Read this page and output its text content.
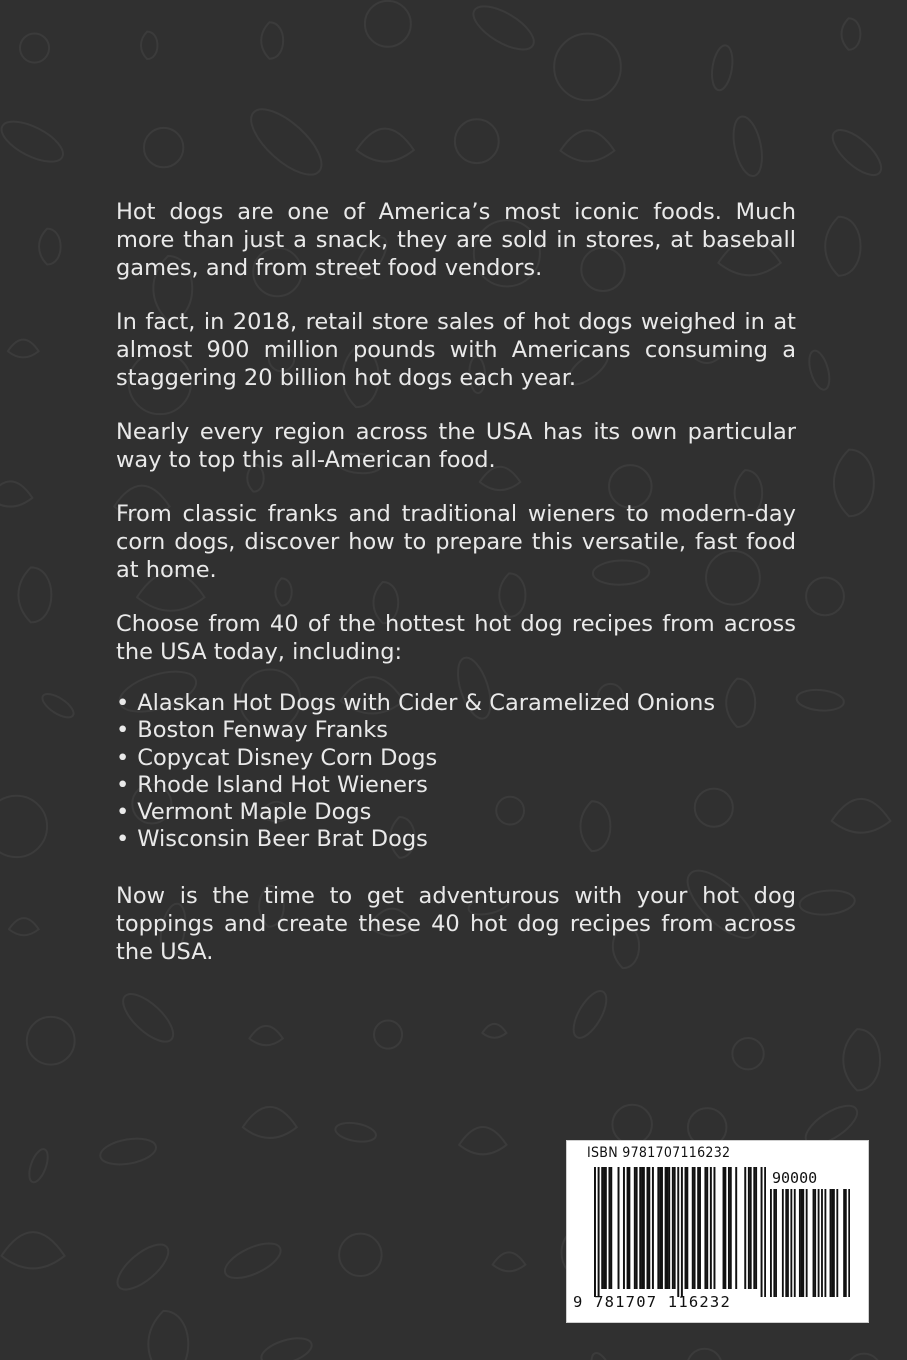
Hot dogs are one of America’s most iconic foods. Much more than just a snack, they are sold in stores, at baseball games, and from street food vendors.

In fact, in 2018, retail store sales of hot dogs weighed in at almost 900 million pounds with Americans consuming a staggering 20 billion hot dogs each year.

Nearly every region across the USA has its own particular way to top this all-American food.

From classic franks and traditional wieners to modern-day corn dogs, discover how to prepare this versatile, fast food at home.

Choose from 40 of the hottest hot dog recipes from across the USA today, including:

• Alaskan Hot Dogs with Cider & Caramelized Onions
• Boston Fenway Franks
• Copycat Disney Corn Dogs
• Rhode Island Hot Wieners
• Vermont Maple Dogs
• Wisconsin Beer Brat Dogs

Now is the time to get adventurous with your hot dog toppings and create these 40 hot dog recipes from across the USA.

ISBN 9781707116232
90000
9 781707 116232
